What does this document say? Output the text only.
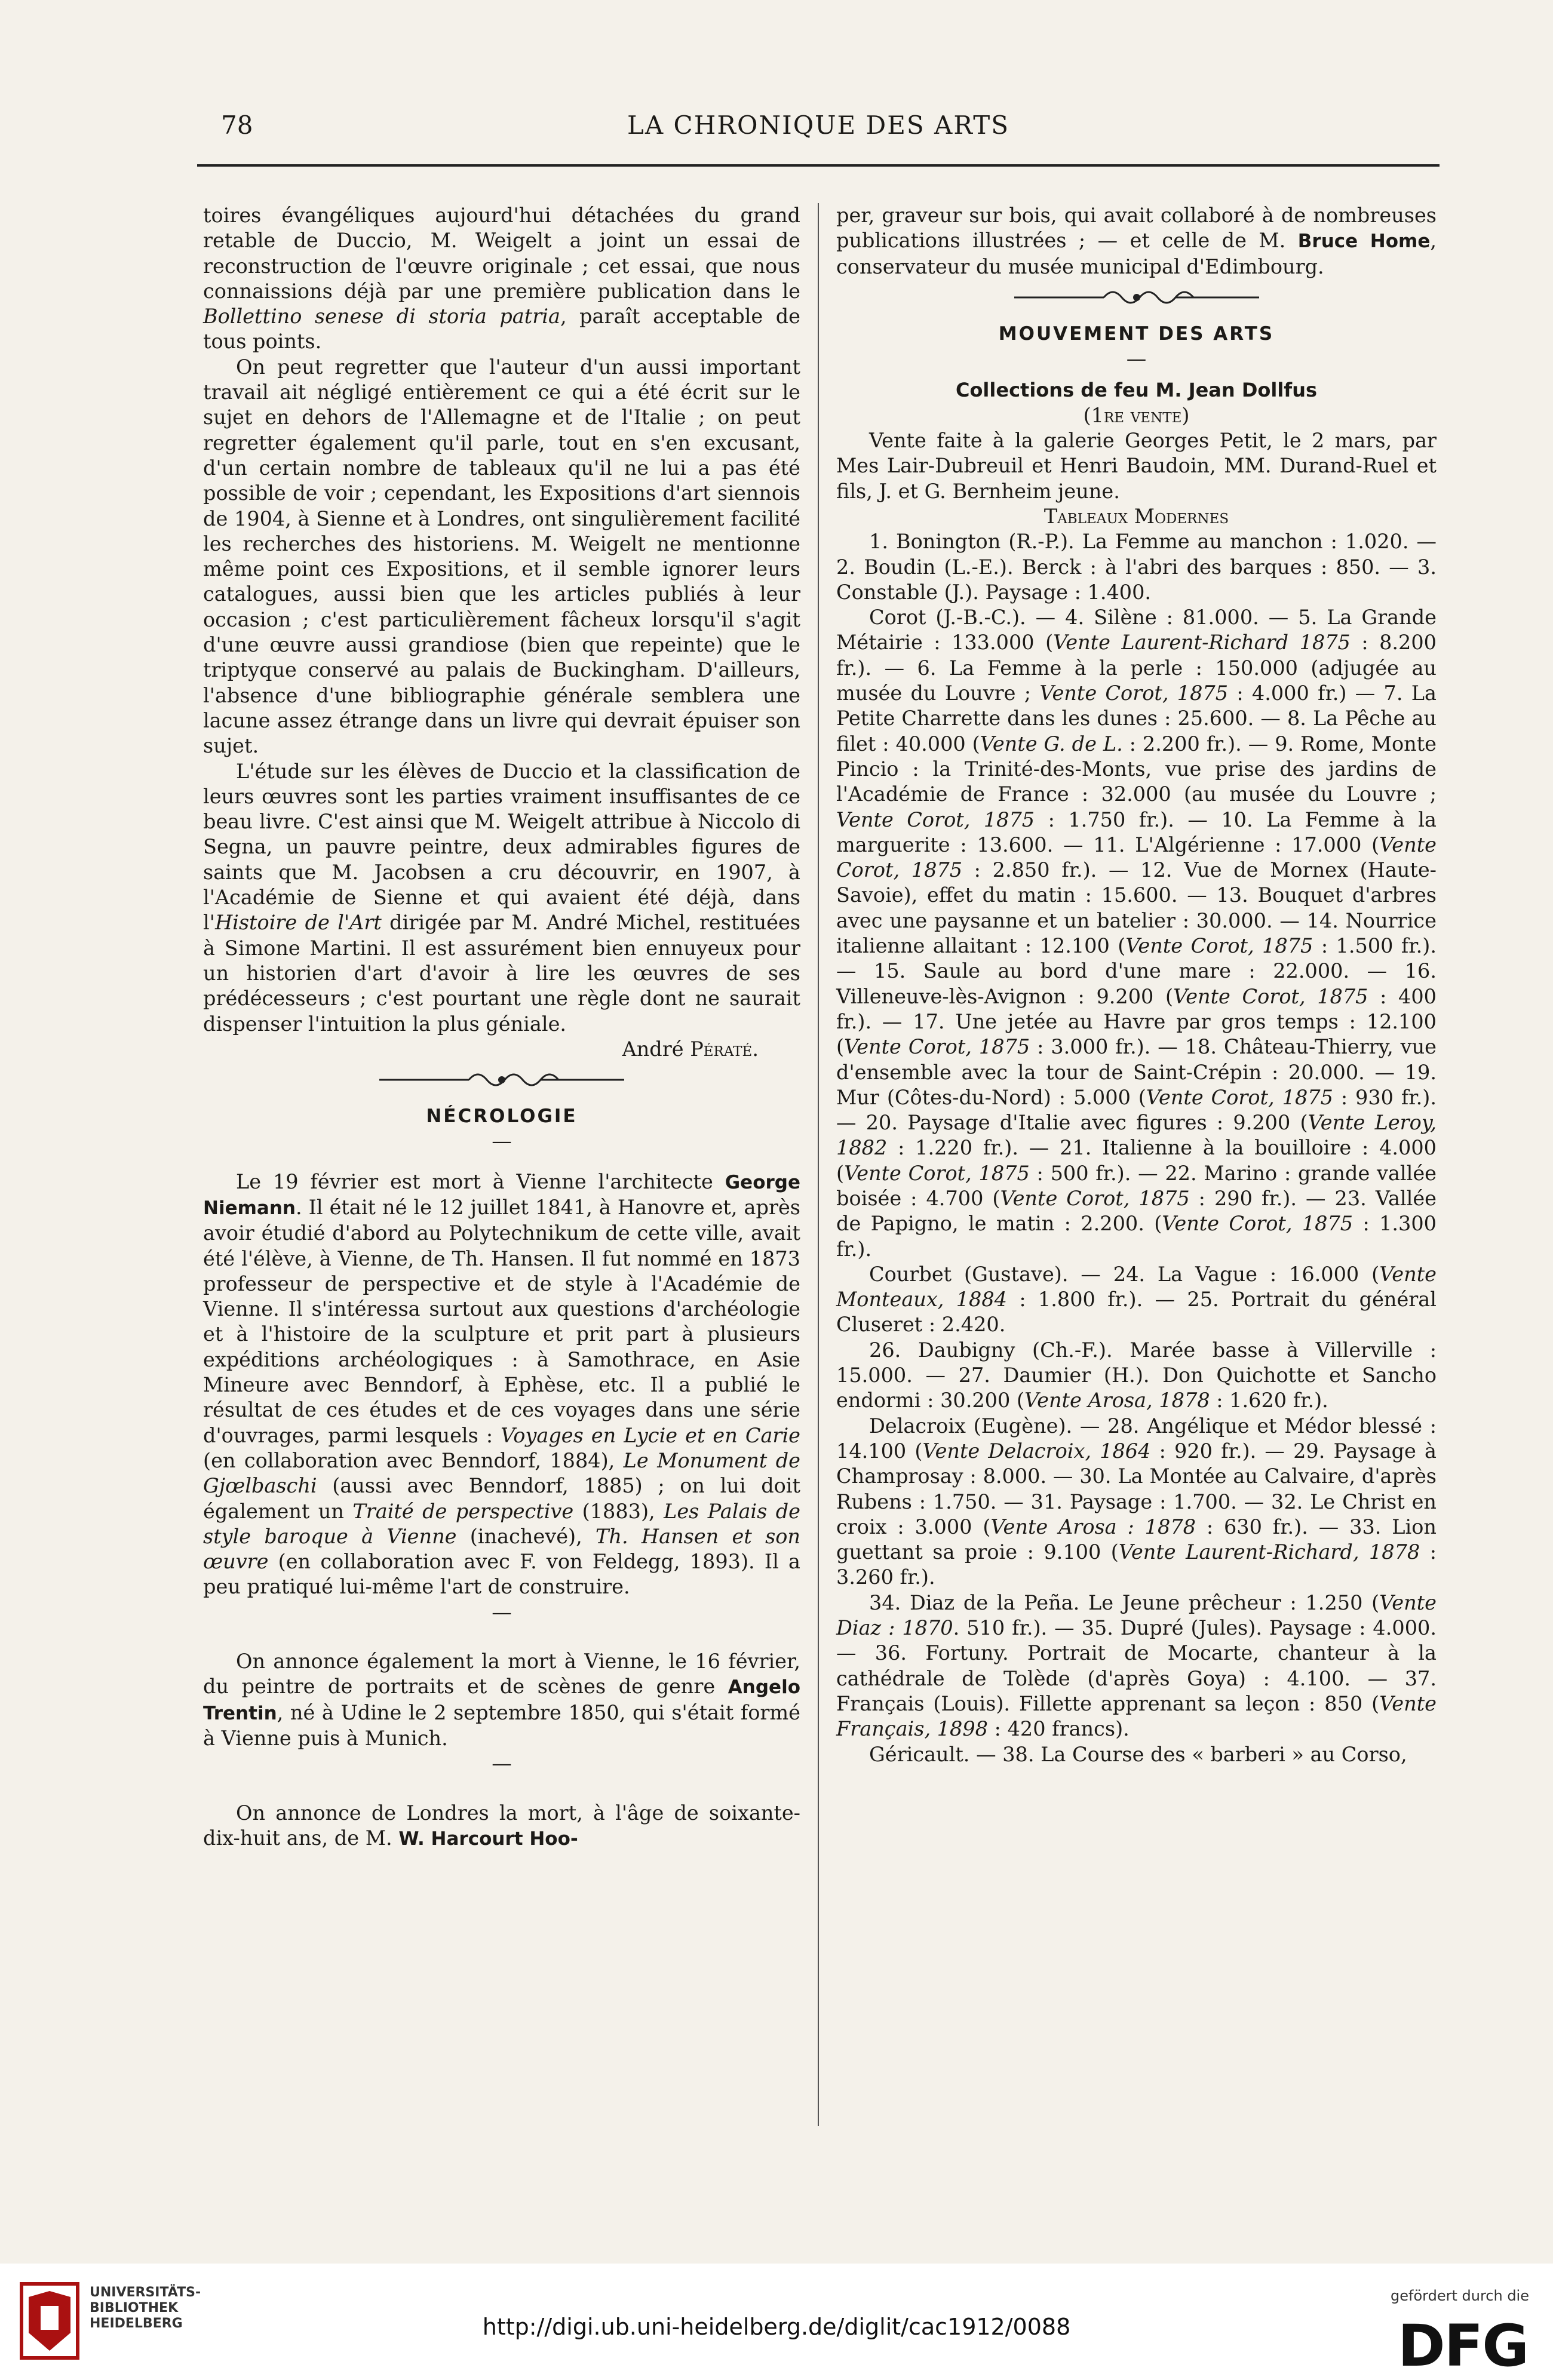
78	LA CHRONIQUE DES ARTS

toires évangéliques aujourd'hui détachées du grand retable de Duccio, M. Weigelt a joint un essai de reconstruction de l'œuvre originale ; cet essai, que nous connaissions déjà par une première publication dans le Bollettino senese di storia patria, paraît acceptable de tous points.

On peut regretter que l'auteur d'un aussi important travail ait négligé entièrement ce qui a été écrit sur le sujet en dehors de l'Allemagne et de l'Italie ; on peut regretter également qu'il parle, tout en s'en excusant, d'un certain nombre de tableaux qu'il ne lui a pas été possible de voir ; cependant, les Expositions d'art siennois de 1904, à Sienne et à Londres, ont singulièrement facilité les recherches des historiens. M. Weigelt ne mentionne même point ces Expositions, et il semble ignorer leurs catalogues, aussi bien que les articles publiés à leur occasion ; c'est particulièrement fâcheux lorsqu'il s'agit d'une œuvre aussi grandiose (bien que repeinte) que le triptyque conservé au palais de Buckingham. D'ailleurs, l'absence d'une bibliographie générale semblera une lacune assez étrange dans un livre qui devrait épuiser son sujet.

L'étude sur les élèves de Duccio et la classification de leurs œuvres sont les parties vraiment insuffisantes de ce beau livre. C'est ainsi que M. Weigelt attribue à Niccolo di Segna, un pauvre peintre, deux admirables figures de saints que M. Jacobsen a cru découvrir, en 1907, à l'Académie de Sienne et qui avaient été déjà, dans l'Histoire de l'Art dirigée par M. André Michel, restituées à Simone Martini. Il est assurément bien ennuyeux pour un historien d'art d'avoir à lire les œuvres de ses prédécesseurs ; c'est pourtant une règle dont ne saurait dispenser l'intuition la plus géniale.

André Pératé.

NÉCROLOGIE

—

Le 19 février est mort à Vienne l'architecte George Niemann. Il était né le 12 juillet 1841, à Hanovre et, après avoir étudié d'abord au Polytechnikum de cette ville, avait été l'élève, à Vienne, de Th. Hansen. Il fut nommé en 1873 professeur de perspective et de style à l'Académie de Vienne. Il s'intéressa surtout aux questions d'archéologie et à l'histoire de la sculpture et prit part à plusieurs expéditions archéologiques : à Samothrace, en Asie Mineure avec Benndorf, à Ephèse, etc. Il a publié le résultat de ces études et de ces voyages dans une série d'ouvrages, parmi lesquels : Voyages en Lycie et en Carie (en collaboration avec Benndorf, 1884), Le Monument de Gjœlbaschi (aussi avec Benndorf, 1885) ; on lui doit également un Traité de perspective (1883), Les Palais de style baroque à Vienne (inachevé), Th. Hansen et son œuvre (en collaboration avec F. von Feldegg, 1893). Il a peu pratiqué lui-même l'art de construire.

—

On annonce également la mort à Vienne, le 16 février, du peintre de portraits et de scènes de genre Angelo Trentin, né à Udine le 2 septembre 1850, qui s'était formé à Vienne puis à Munich.

—

On annonce de Londres la mort, à l'âge de soixante-dix-huit ans, de M. W. Harcourt Hoo-

per, graveur sur bois, qui avait collaboré à de nombreuses publications illustrées ; — et celle de M. Bruce Home, conservateur du musée municipal d'Edimbourg.

MOUVEMENT DES ARTS

—

Collections de feu M. Jean Dollfus

(1re vente)

Vente faite à la galerie Georges Petit, le 2 mars, par Mes Lair-Dubreuil et Henri Baudoin, MM. Durand-Ruel et fils, J. et G. Bernheim jeune.

Tableaux Modernes

1. Bonington (R.-P.). La Femme au manchon : 1.020. — 2. Boudin (L.-E.). Berck : à l'abri des barques : 850. — 3. Constable (J.). Paysage : 1.400.

Corot (J.-B.-C.). — 4. Silène : 81.000. — 5. La Grande Métairie : 133.000 (Vente Laurent-Richard 1875 : 8.200 fr.). — 6. La Femme à la perle : 150.000 (adjugée au musée du Louvre ; Vente Corot, 1875 : 4.000 fr.) — 7. La Petite Charrette dans les dunes : 25.600. — 8. La Pêche au filet : 40.000 (Vente G. de L. : 2.200 fr.). — 9. Rome, Monte Pincio : la Trinité-des-Monts, vue prise des jardins de l'Académie de France : 32.000 (au musée du Louvre ; Vente Corot, 1875 : 1.750 fr.). — 10. La Femme à la marguerite : 13.600. — 11. L'Algérienne : 17.000 (Vente Corot, 1875 : 2.850 fr.). — 12. Vue de Mornex (Haute-Savoie), effet du matin : 15.600. — 13. Bouquet d'arbres avec une paysanne et un batelier : 30.000. — 14. Nourrice italienne allaitant : 12.100 (Vente Corot, 1875 : 1.500 fr.). — 15. Saule au bord d'une mare : 22.000. — 16. Villeneuve-lès-Avignon : 9.200 (Vente Corot, 1875 : 400 fr.). — 17. Une jetée au Havre par gros temps : 12.100 (Vente Corot, 1875 : 3.000 fr.). — 18. Château-Thierry, vue d'ensemble avec la tour de Saint-Crépin : 20.000. — 19. Mur (Côtes-du-Nord) : 5.000 (Vente Corot, 1875 : 930 fr.). — 20. Paysage d'Italie avec figures : 9.200 (Vente Leroy, 1882 : 1.220 fr.). — 21. Italienne à la bouilloire : 4.000 (Vente Corot, 1875 : 500 fr.). — 22. Marino : grande vallée boisée : 4.700 (Vente Corot, 1875 : 290 fr.). — 23. Vallée de Papigno, le matin : 2.200. (Vente Corot, 1875 : 1.300 fr.).

Courbet (Gustave). — 24. La Vague : 16.000 (Vente Monteaux, 1884 : 1.800 fr.). — 25. Portrait du général Cluseret : 2.420.

26. Daubigny (Ch.-F.). Marée basse à Villerville : 15.000. — 27. Daumier (H.). Don Quichotte et Sancho endormi : 30.200 (Vente Arosa, 1878 : 1.620 fr.).

Delacroix (Eugène). — 28. Angélique et Médor blessé : 14.100 (Vente Delacroix, 1864 : 920 fr.). — 29. Paysage à Champrosay : 8.000. — 30. La Montée au Calvaire, d'après Rubens : 1.750. — 31. Paysage : 1.700. — 32. Le Christ en croix : 3.000 (Vente Arosa : 1878 : 630 fr.). — 33. Lion guettant sa proie : 9.100 (Vente Laurent-Richard, 1878 : 3.260 fr.).

34. Diaz de la Peña. Le Jeune prêcheur : 1.250 (Vente Diaz : 1870. 510 fr.). — 35. Dupré (Jules). Paysage : 4.000. — 36. Fortuny. Portrait de Mocarte, chanteur à la cathédrale de Tolède (d'après Goya) : 4.100. — 37. Français (Louis). Fillette apprenant sa leçon : 850 (Vente Français, 1898 : 420 francs).

Géricault. — 38. La Course des « barberi » au Corso,

UNIVERSITÄTS-
BIBLIOTHEK
HEIDELBERG	http://digi.ub.uni-heidelberg.de/diglit/cac1912/0088
gefördert durch die
DFG
